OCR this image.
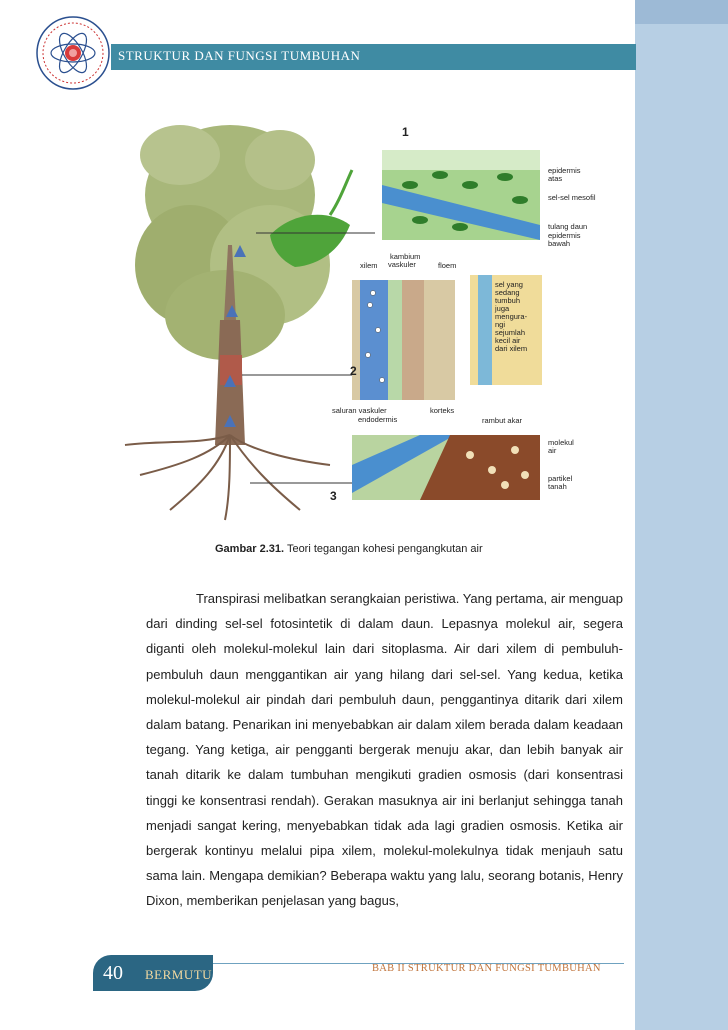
STRUKTUR DAN FUNGSI TUMBUHAN
1
2
3
epidermis
atas
sel-sel mesofil
tulang daun
epidermis
bawah
xilem
kambium
vaskuler	floem
sel yang
sedang
tumbuh
juga
mengura-
ngi
sejumlah
kecil air
dari xilem
saluran vaskuler	korteks
endodermis	rambut akar
molekul
air
partikel
tanah
Gambar 2.31. Teori tegangan kohesi pengangkutan air

Transpirasi melibatkan serangkaian peristiwa. Yang pertama, air menguap dari dinding sel-sel fotosintetik di dalam daun. Lepasnya molekul air, segera diganti oleh molekul-molekul lain dari sitoplasma. Air dari xilem di pembuluh-pembuluh daun menggantikan air yang hilang dari sel-sel. Yang kedua, ketika molekul-molekul air pindah dari pembuluh daun, penggantinya ditarik dari xilem dalam batang. Penarikan ini menyebabkan air dalam xilem berada dalam keadaan tegang. Yang ketiga, air pengganti bergerak menuju akar, dan lebih banyak air tanah ditarik ke dalam tumbuhan mengikuti gradien osmosis (dari konsentrasi tinggi ke konsentrasi rendah). Gerakan masuknya air ini berlanjut sehingga tanah menjadi sangat kering, menyebabkan tidak ada lagi gradien osmosis. Ketika air bergerak kontinyu melalui pipa xilem, molekul-molekulnya tidak menjauh satu sama lain. Mengapa demikian? Beberapa waktu yang lalu, seorang botanis, Henry Dixon, memberikan penjelasan yang bagus,

40 BERMUTU	BAB II STRUKTUR DAN FUNGSI TUMBUHAN
